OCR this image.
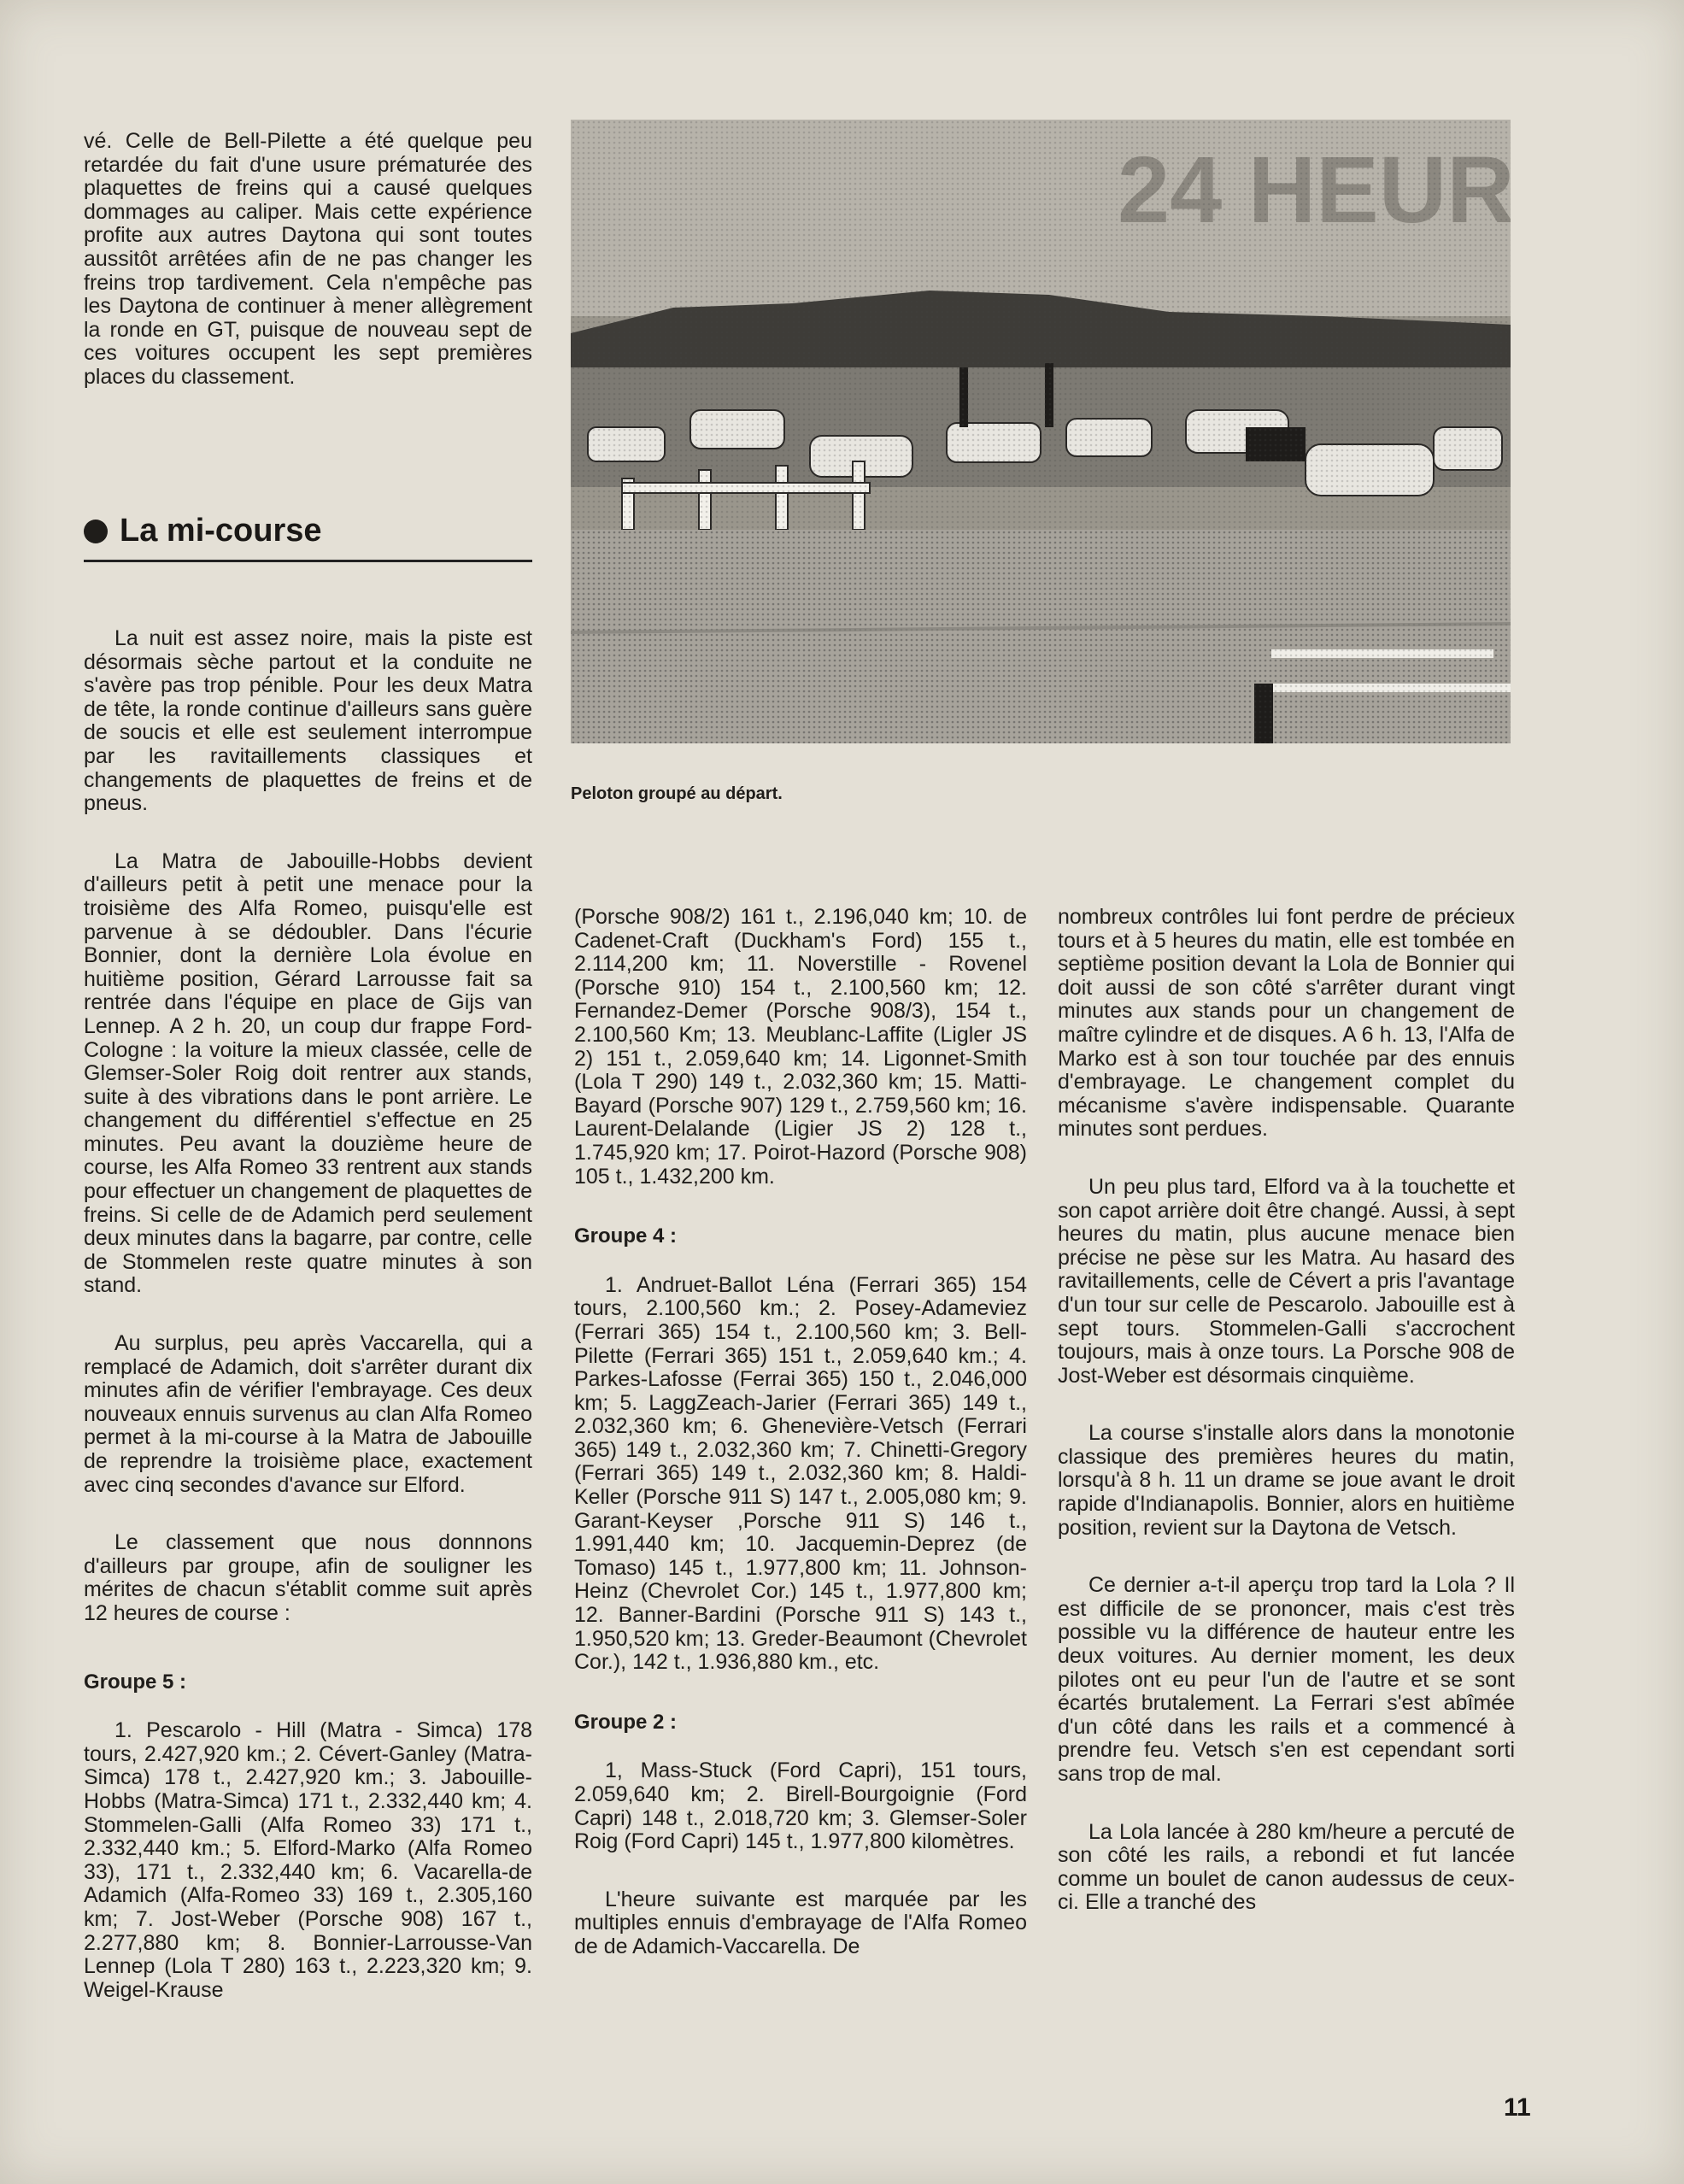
vé. Celle de Bell-Pilette a été quelque peu retardée du fait d'une usure prématurée des plaquettes de freins qui a causé quelques dommages au caliper. Mais cette expérience profite aux autres Daytona qui sont toutes aussitôt arrêtées afin de ne pas changer les freins trop tardivement. Cela n'empêche pas les Daytona de continuer à mener allègrement la ronde en GT, puisque de nouveau sept de ces voitures occupent les sept premières places du classement.

La mi-course

La nuit est assez noire, mais la piste est désormais sèche partout et la conduite ne s'avère pas trop pénible. Pour les deux Matra de tête, la ronde continue d'ailleurs sans guère de soucis et elle est seulement interrompue par les ravitaillements classiques et changements de plaquettes de freins et de pneus.

La Matra de Jabouille-Hobbs devient d'ailleurs petit à petit une menace pour la troisième des Alfa Romeo, puisqu'elle est parvenue à se dédoubler. Dans l'écurie Bonnier, dont la dernière Lola évolue en huitième position, Gérard Larrousse fait sa rentrée dans l'équipe en place de Gijs van Lennep. A 2 h. 20, un coup dur frappe Ford-Cologne : la voiture la mieux classée, celle de Glemser-Soler Roig doit rentrer aux stands, suite à des vibrations dans le pont arrière. Le changement du différentiel s'effectue en 25 minutes. Peu avant la douzième heure de course, les Alfa Romeo 33 rentrent aux stands pour effectuer un changement de plaquettes de freins. Si celle de de Adamich perd seulement deux minutes dans la bagarre, par contre, celle de Stommelen reste quatre minutes à son stand.

Au surplus, peu après Vaccarella, qui a remplacé de Adamich, doit s'arrêter durant dix minutes afin de vérifier l'embrayage. Ces deux nouveaux ennuis survenus au clan Alfa Romeo permet à la mi-course à la Matra de Jabouille de reprendre la troisième place, exactement avec cinq secondes d'avance sur Elford.

Le classement que nous donnnons d'ailleurs par groupe, afin de souligner les mérites de chacun s'établit comme suit après 12 heures de course :

Groupe 5 :

1. Pescarolo - Hill (Matra - Simca) 178 tours, 2.427,920 km.; 2. Cévert-Ganley (Matra-Simca) 178 t., 2.427,920 km.; 3. Jabouille-Hobbs (Matra-Simca) 171 t., 2.332,440 km; 4. Stommelen-Galli (Alfa Romeo 33) 171 t., 2.332,440 km.; 5. Elford-Marko (Alfa Romeo 33), 171 t., 2.332,440 km; 6. Vacarella-de Adamich (Alfa-Romeo 33) 169 t., 2.305,160 km; 7. Jost-Weber (Porsche 908) 167 t., 2.277,880 km; 8. Bonnier-Larrousse-Van Lennep (Lola T 280) 163 t., 2.223,320 km; 9. Weigel-Krause

Peloton groupé au départ.

(Porsche 908/2) 161 t., 2.196,040 km; 10. de Cadenet-Craft (Duckham's Ford) 155 t., 2.114,200 km; 11. Noverstille - Rovenel (Porsche 910) 154 t., 2.100,560 km; 12. Fernandez-Demer (Porsche 908/3), 154 t., 2.100,560 Km; 13. Meublanc-Laffite (Ligler JS 2) 151 t., 2.059,640 km; 14. Ligonnet-Smith (Lola T 290) 149 t., 2.032,360 km; 15. Matti-Bayard (Porsche 907) 129 t., 2.759,560 km; 16. Laurent-Delalande (Ligier JS 2) 128 t., 1.745,920 km; 17. Poirot-Hazord (Porsche 908) 105 t., 1.432,200 km.

Groupe 4 :

1. Andruet-Ballot Léna (Ferrari 365) 154 tours, 2.100,560 km.; 2. Posey-Adameviez (Ferrari 365) 154 t., 2.100,560 km; 3. Bell-Pilette (Ferrari 365) 151 t., 2.059,640 km.; 4. Parkes-Lafosse (Ferrai 365) 150 t., 2.046,000 km; 5. LaggZeach-Jarier (Ferrari 365) 149 t., 2.032,360 km; 6. Ghenevière-Vetsch (Ferrari 365) 149 t., 2.032,360 km; 7. Chinetti-Gregory (Ferrari 365) 149 t., 2.032,360 km; 8. Haldi-Keller (Porsche 911 S) 147 t., 2.005,080 km; 9. Garant-Keyser ,Porsche 911 S) 146 t., 1.991,440 km; 10. Jacquemin-Deprez (de Tomaso) 145 t., 1.977,800 km; 11. Johnson-Heinz (Chevrolet Cor.) 145 t., 1.977,800 km; 12. Banner-Bardini (Porsche 911 S) 143 t., 1.950,520 km; 13. Greder-Beaumont (Chevrolet Cor.), 142 t., 1.936,880 km., etc.

Groupe 2 :

1, Mass-Stuck (Ford Capri), 151 tours, 2.059,640 km; 2. Birell-Bourgoignie (Ford Capri) 148 t., 2.018,720 km; 3. Glemser-Soler Roig (Ford Capri) 145 t., 1.977,800 kilomètres.

L'heure suivante est marquée par les multiples ennuis d'embrayage de l'Alfa Romeo de de Adamich-Vaccarella. De

nombreux contrôles lui font perdre de précieux tours et à 5 heures du matin, elle est tombée en septième position devant la Lola de Bonnier qui doit aussi de son côté s'arrêter durant vingt minutes aux stands pour un changement de maître cylindre et de disques. A 6 h. 13, l'Alfa de Marko est à son tour touchée par des ennuis d'embrayage. Le changement complet du mécanisme s'avère indispensable. Quarante minutes sont perdues.

Un peu plus tard, Elford va à la touchette et son capot arrière doit être changé. Aussi, à sept heures du matin, plus aucune menace bien précise ne pèse sur les Matra. Au hasard des ravitaillements, celle de Cévert a pris l'avantage d'un tour sur celle de Pescarolo. Jabouille est à sept tours. Stommelen-Galli s'accrochent toujours, mais à onze tours. La Porsche 908 de Jost-Weber est désormais cinquième.

La course s'installe alors dans la monotonie classique des premières heures du matin, lorsqu'à 8 h. 11 un drame se joue avant le droit rapide d'Indianapolis. Bonnier, alors en huitième position, revient sur la Daytona de Vetsch.

Ce dernier a-t-il aperçu trop tard la Lola ? Il est difficile de se prononcer, mais c'est très possible vu la différence de hauteur entre les deux voitures. Au dernier moment, les deux pilotes ont eu peur l'un de l'autre et se sont écartés brutalement. La Ferrari s'est abîmée d'un côté dans les rails et a commencé à prendre feu. Vetsch s'en est cependant sorti sans trop de mal.

La Lola lancée à 280 km/heure a percuté de son côté les rails, a rebondi et fut lancée comme un boulet de canon audessus de ceux-ci. Elle a tranché des

11
